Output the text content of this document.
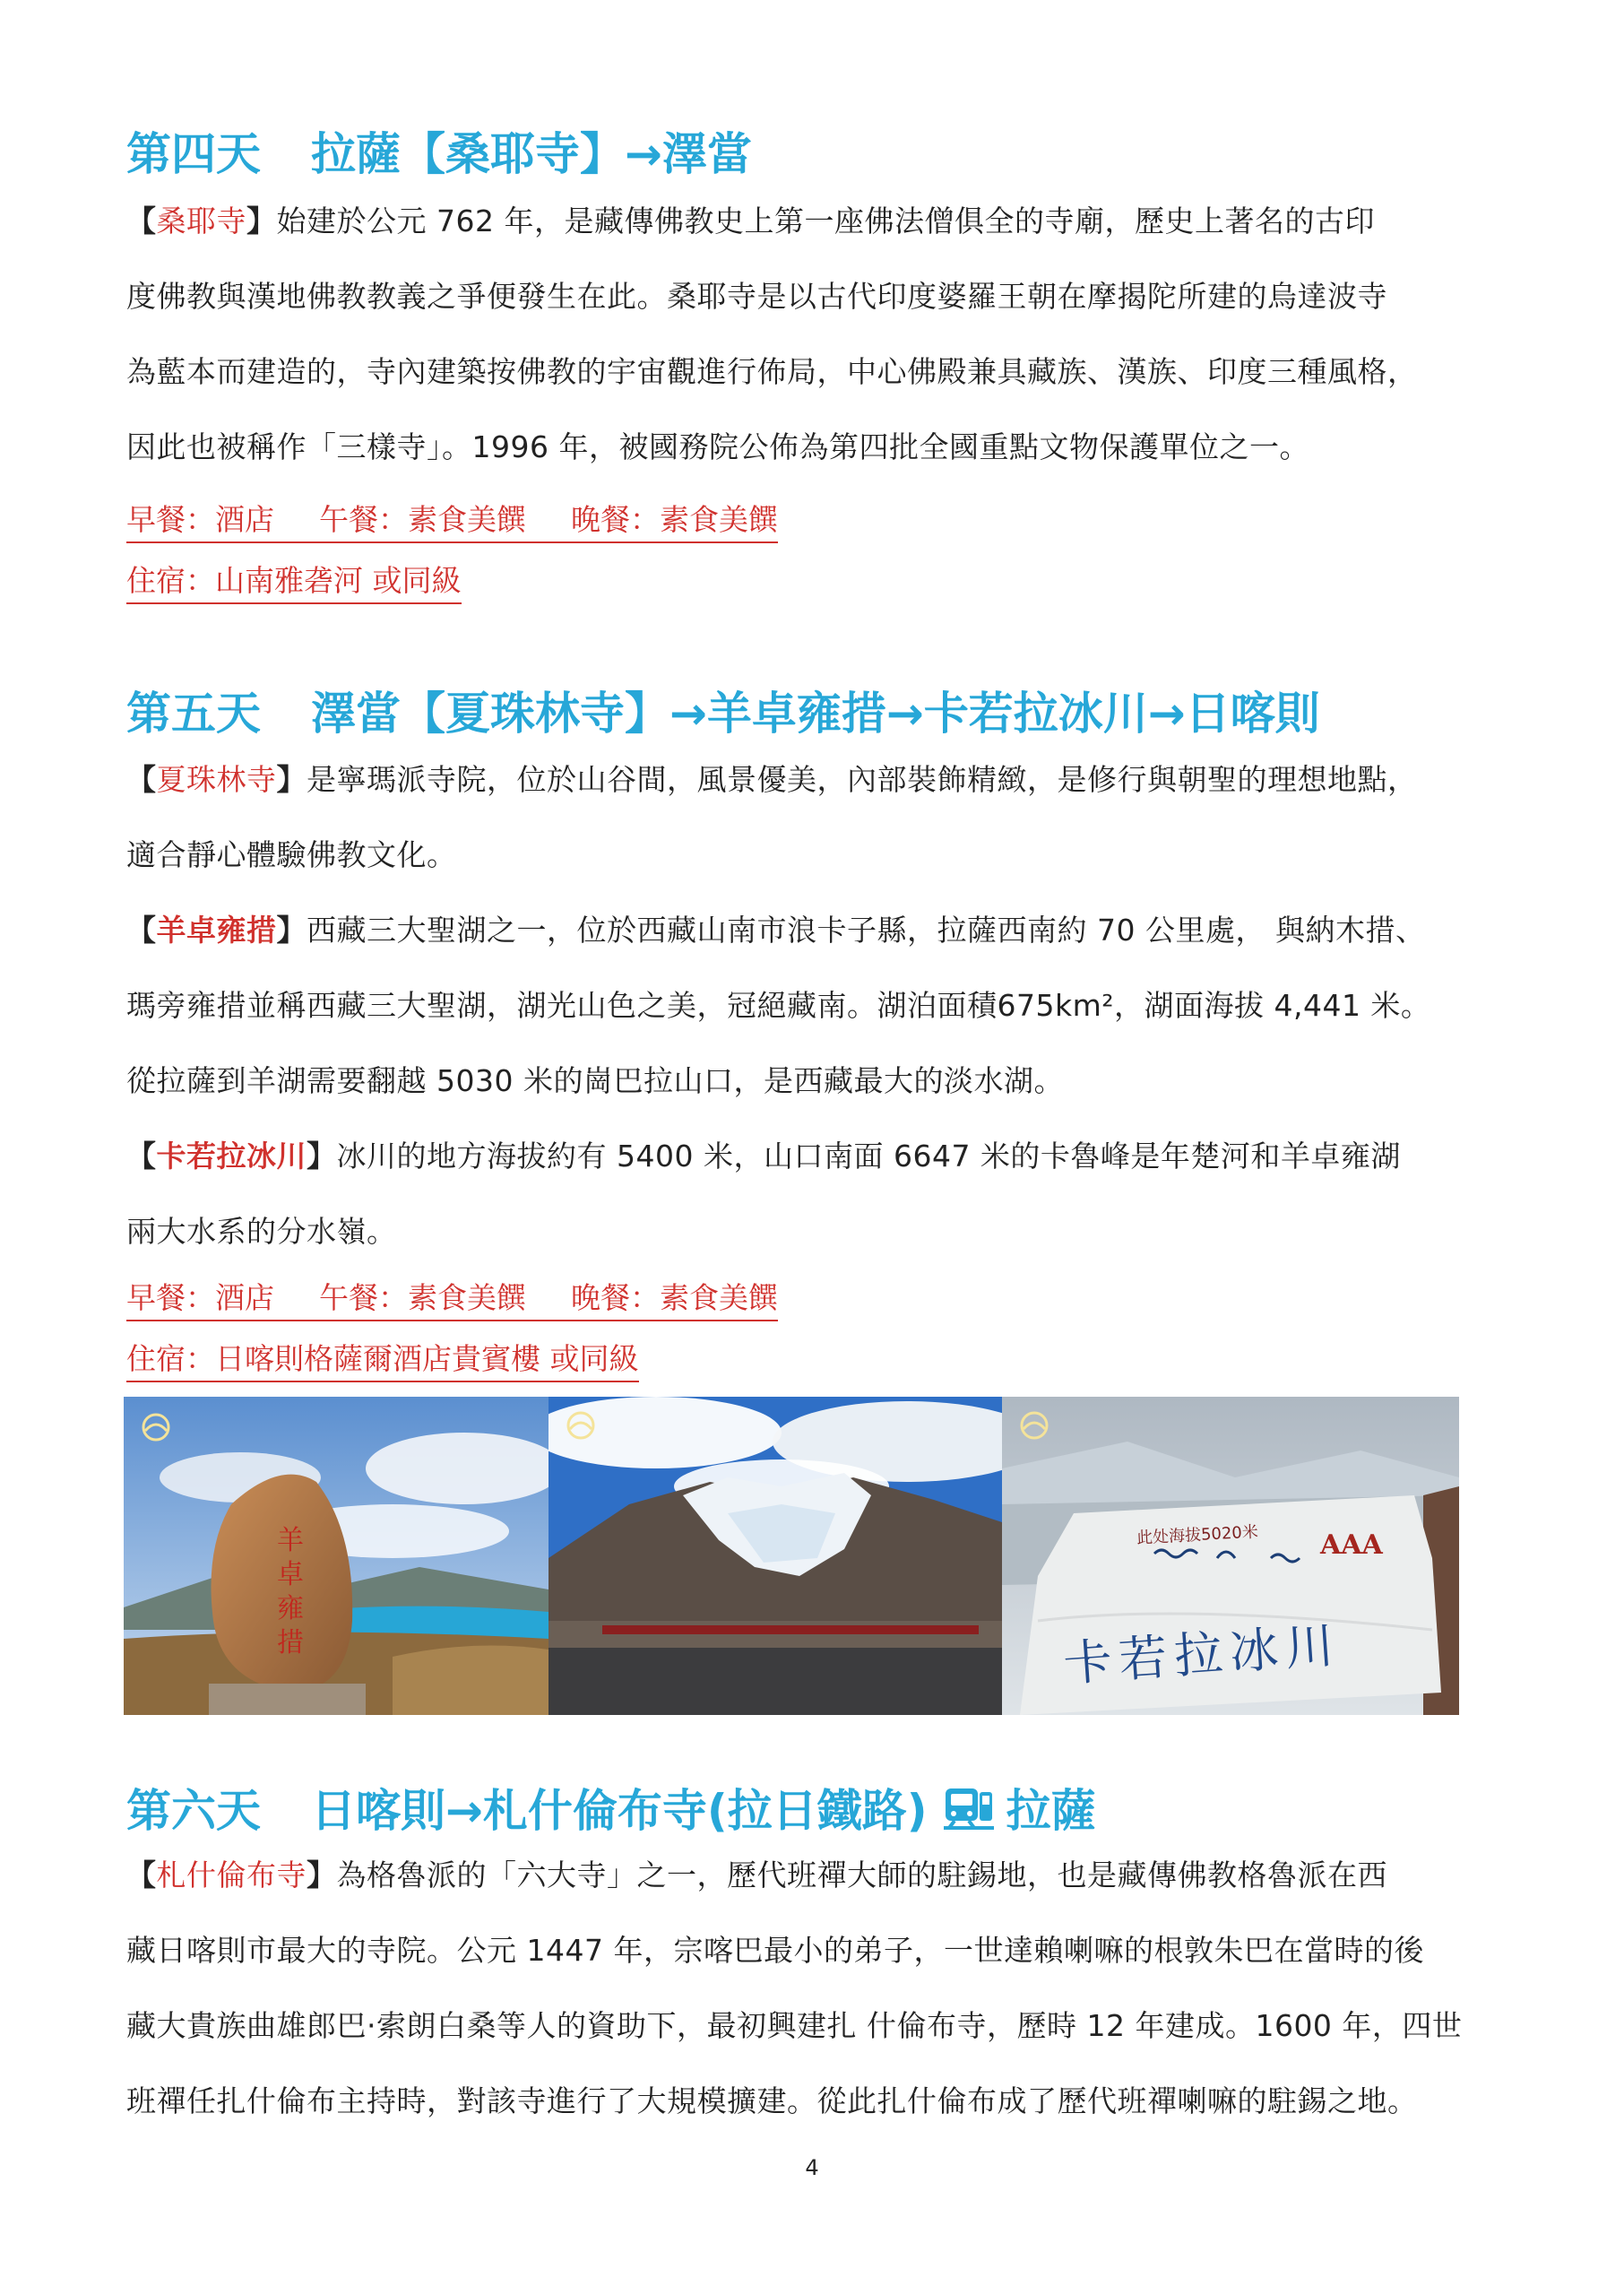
第四天 拉薩【桑耶寺】→澤當
【桑耶寺】始建於公元 762 年，是藏傳佛教史上第一座佛法僧俱全的寺廟，歷史上著名的古印
度佛教與漢地佛教教義之爭便發生在此。桑耶寺是以古代印度婆羅王朝在摩揭陀所建的烏達波寺
為藍本而建造的，寺內建築按佛教的宇宙觀進行佈局，中心佛殿兼具藏族、漢族、印度三種風格，
因此也被稱作「三樣寺」。1996 年，被國務院公佈為第四批全國重點文物保護單位之一。

早餐：酒店 午餐：素食美饌 晚餐：素食美饌

住宿：山南雅砻河 或同級

第五天 澤當【夏珠林寺】→羊卓雍措→卡若拉冰川→日喀則
【夏珠林寺】是寧瑪派寺院，位於山谷間，風景優美，內部裝飾精緻，是修行與朝聖的理想地點，
適合靜心體驗佛教文化。
【羊卓雍措】西藏三大聖湖之一，位於西藏山南市浪卡子縣，拉薩西南約 70 公里處， 與納木措、
瑪旁雍措並稱西藏三大聖湖，湖光山色之美，冠絕藏南。湖泊面積675km²，湖面海拔 4,441 米。
從拉薩到羊湖需要翻越 5030 米的崗巴拉山口，是西藏最大的淡水湖。
【卡若拉冰川】冰川的地方海拔約有 5400 米，山口南面 6647 米的卡魯峰是年楚河和羊卓雍湖
兩大水系的分水嶺。

早餐：酒店 午餐：素食美饌 晚餐：素食美饌

住宿：日喀則格薩爾酒店貴賓樓 或同級

羊
卓
雍
措
此处海拔5020米 AAA
卡若拉冰川
第六天 日喀則→札什倫布寺(拉日鐵路) 拉薩
【札什倫布寺】為格魯派的「六大寺」之一，歷代班禪大師的駐錫地，也是藏傳佛教格魯派在西
藏日喀則市最大的寺院。公元 1447 年，宗喀巴最小的弟子，一世達賴喇嘛的根敦朱巴在當時的後
藏大貴族曲雄郎巴·索朗白桑等人的資助下，最初興建扎 什倫布寺，歷時 12 年建成。1600 年，四世
班禪任扎什倫布主持時，對該寺進行了大規模擴建。從此扎什倫布成了歷代班禪喇嘛的駐錫之地。

4
